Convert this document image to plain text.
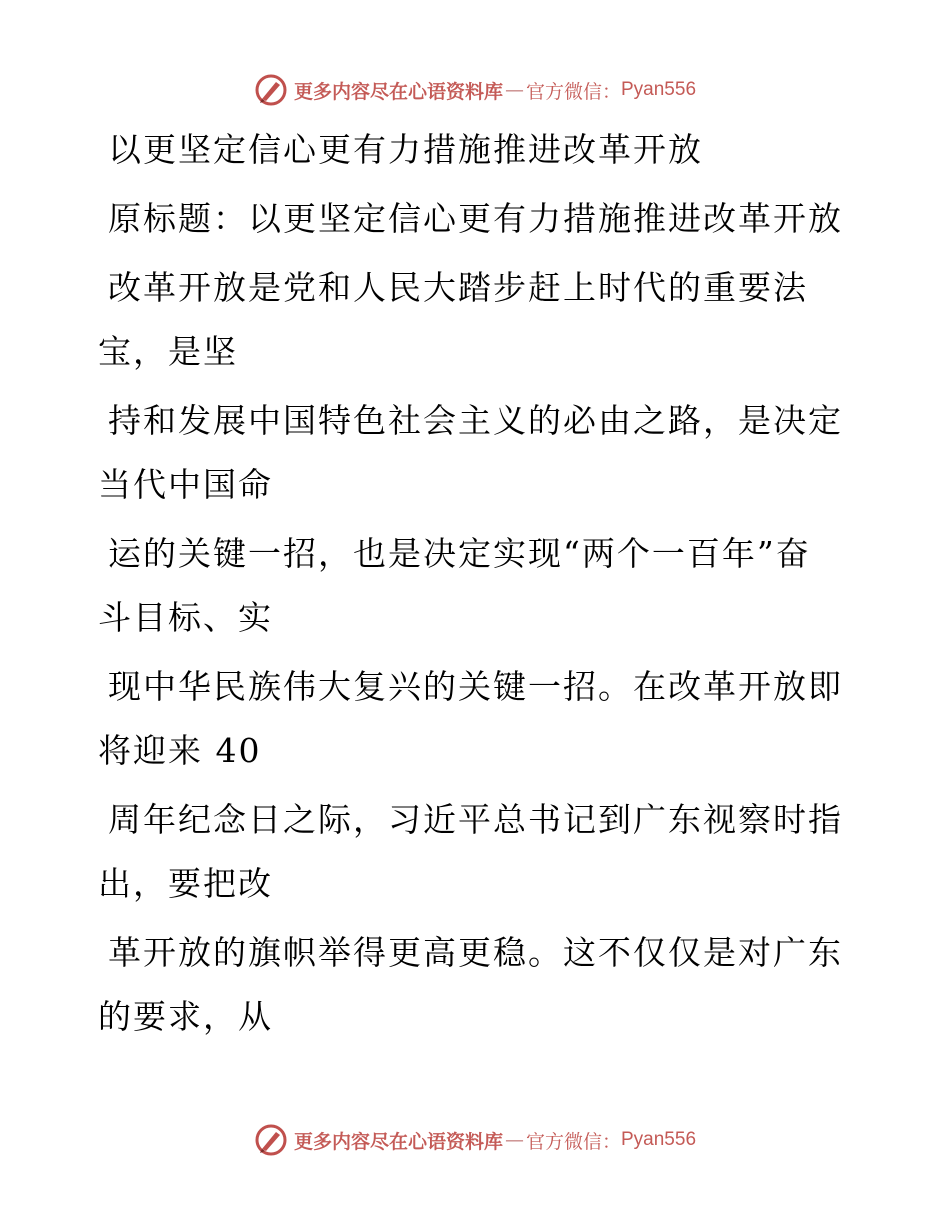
更多内容尽在心语资料库 — 官方微信： Pyan556
以更坚定信心更有力措施推进改革开放
原标题：以更坚定信心更有力措施推进改革开放
改革开放是党和人民大踏步赶上时代的重要法
宝，是坚
持和发展中国特色社会主义的必由之路，是决定
当代中国命
运的关键一招，也是决定实现“两个一百年”奋
斗目标、实
现中华民族伟大复兴的关键一招。在改革开放即
将迎来 40
周年纪念日之际，习近平总书记到广东视察时指
出，要把改
革开放的旗帜举得更高更稳。这不仅仅是对广东
的要求，从
更多内容尽在心语资料库 — 官方微信： Pyan556
